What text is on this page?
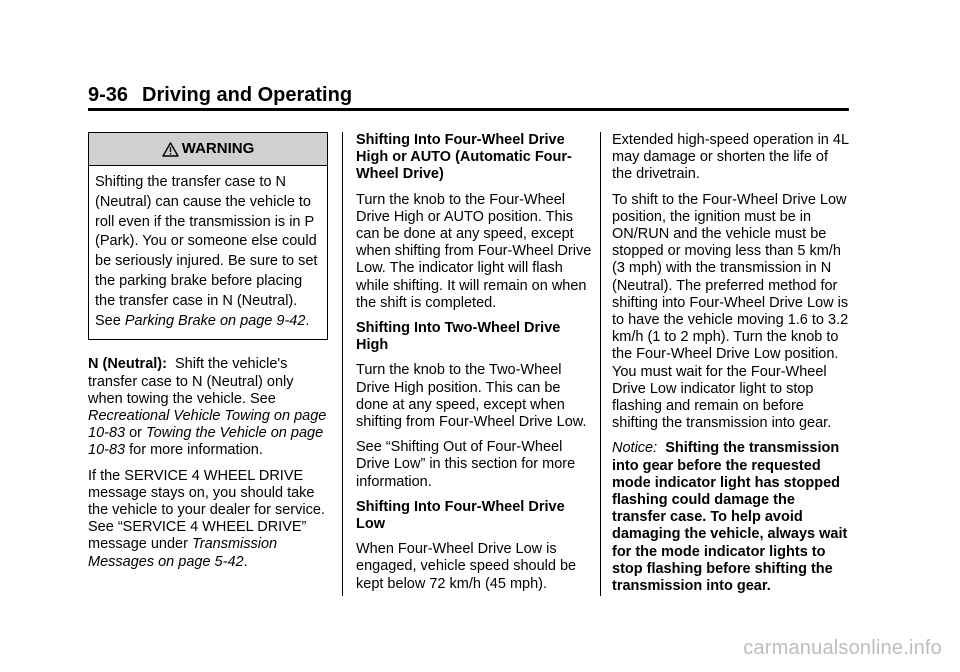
9-36 Driving and Operating
WARNING
Shifting the transfer case to N (Neutral) can cause the vehicle to roll even if the transmission is in P (Park). You or someone else could be seriously injured. Be sure to set the parking brake before placing the transfer case in N (Neutral). See Parking Brake on page 9-42.

N (Neutral): Shift the vehicle's transfer case to N (Neutral) only when towing the vehicle. See Recreational Vehicle Towing on page 10-83 or Towing the Vehicle on page 10-83 for more information.

If the SERVICE 4 WHEEL DRIVE message stays on, you should take the vehicle to your dealer for service. See “SERVICE 4 WHEEL DRIVE” message under Transmission Messages on page 5-42.

Shifting Into Four-Wheel Drive High or AUTO (Automatic Four-Wheel Drive)

Turn the knob to the Four-Wheel Drive High or AUTO position. This can be done at any speed, except when shifting from Four-Wheel Drive Low. The indicator light will flash while shifting. It will remain on when the shift is completed.

Shifting Into Two-Wheel Drive High

Turn the knob to the Two-Wheel Drive High position. This can be done at any speed, except when shifting from Four-Wheel Drive Low.

See “Shifting Out of Four-Wheel Drive Low” in this section for more information.

Shifting Into Four-Wheel Drive Low

When Four-Wheel Drive Low is engaged, vehicle speed should be kept below 72 km/h (45 mph).

Extended high-speed operation in 4L may damage or shorten the life of the drivetrain.

To shift to the Four-Wheel Drive Low position, the ignition must be in ON/RUN and the vehicle must be stopped or moving less than 5 km/h (3 mph) with the transmission in N (Neutral). The preferred method for shifting into Four-Wheel Drive Low is to have the vehicle moving 1.6 to 3.2 km/h (1 to 2 mph). Turn the knob to the Four-Wheel Drive Low position. You must wait for the Four-Wheel Drive Low indicator light to stop flashing and remain on before shifting the transmission into gear.

Notice: Shifting the transmission into gear before the requested mode indicator light has stopped flashing could damage the transfer case. To help avoid damaging the vehicle, always wait for the mode indicator lights to stop flashing before shifting the transmission into gear.

carmanualsonline.info
